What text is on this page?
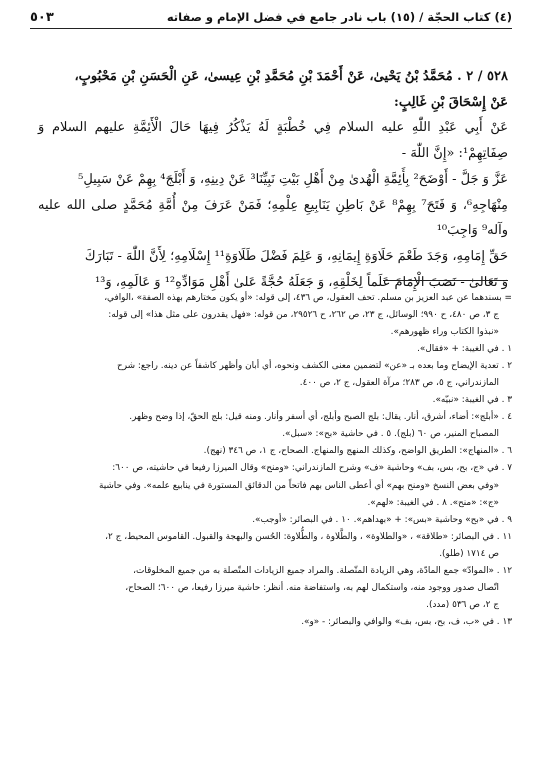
(٤) كتاب الحجّة / (١٥) باب نادر جامع في فضل الإمام و صفاته
٥٠٣

٥٢٨ / ٢ . مُحَمَّدُ بْنُ يَحْيىٰ، عَنْ أَحْمَدَ بْنِ مُحَمَّدِ بْنِ عِيسىٰ، عَنِ الْحَسَنِ بْنِ مَحْبُوبٍ،

عَنْ إِسْحَاقَ بْنِ غَالِبٍ:

عَنْ أَبِي عَبْدِ اللّٰهِ عليه السلام فِي خُطْبَةٍ لَهُ يَذْكُرُ فِيهَا حَالَ الْأَئِمَّةِ عليهم السلام وَ صِفَاتِهِمْ¹: «إِنَّ اللّٰهَ -

عَزَّ وَ جَلَّ - أَوْضَحَ² بِأَئِمَّةِ الْهُدىٰ مِنْ أَهْلِ بَيْتِ نَبِيِّنَا³ عَنْ دِينِهِ، وَ أَبْلَجَ⁴ بِهِمْ عَنْ سَبِيلِ⁵

مِنْهَاجِهِ⁶، وَ فَتَحَ⁷ بِهِمْ⁸ عَنْ بَاطِنِ يَنَابِيعِ عِلْمِهِ؛ فَمَنْ عَرَفَ مِنْ أُمَّةِ مُحَمَّدٍ صلى الله عليه وآله⁹ وَاجِبَ¹⁰

حَقِّ إِمَامِهِ، وَجَدَ طَعْمَ حَلَاوَةِ إِيمَانِهِ، وَ عَلِمَ فَضْلَ طَلَاوَةِ¹¹ إِسْلَامِهِ؛ لِأَنَّ اللّٰهَ - تَبَارَكَ

وَ تَعَالىٰ - نَصَبَ الْإِمَامَ عَلَماً لِخَلْقِهِ، وَ جَعَلَهُ حُجَّةً عَلىٰ أَهْلِ مَوَادِّهِ¹² وَ عَالَمِهِ، وَ¹³

= بسندهما عن عبد العزيز بن مسلم. تحف العقول، ص ٤٣٦، إلى قوله: «أو يكون مختارهم بهذه الصفة» ،الوافي،

ج ٣، ص ٤٨٠، ح ٩٩٠؛ الوسائل، ج ٢٣، ص ٢٦٢، ح ٢٩٥٢٦، من قوله: «فهل يقدرون على مثل هذا» إلى قوله:

«نبذوا الكتاب وراء ظهورهم».

١ . في الغيبة: + «فقال».

٢ . تعدية الإيضاح وما بعده بـ «عن» لتضمين معنى الكشف ونحوه، أي أبان وأظهر كاشفاً عن دينه. راجع: شرح

المازندراني، ج ٥، ص ٢٨٣؛ مرآة العقول، ج ٢، ص ٤٠٠.

٣ . في الغيبة: «نبيّه».

٤ . «أبلج»: أضاء، أشرق، أنار. يقال: بلج الصبح وأبلج، أي أسفر وأنار. ومنه قيل: بلج الحقّ، إذا وضح وظهر.

المصباح المنير، ص ٦٠ (بلج). ٥ . في حاشية «بح»: «سبل».

٦ . «المنهاج»: الطريق الواضح، وكذلك المنهج والمنهاج. الصحاح، ج ١، ص ٣٤٦ (نهج).

٧ . في «ج، بح، بس، بف» وحاشية «ف» وشرح المازندراني: «ومنح» وقال الميرزا رفيعا في حاشيته، ص ٦٠٠:

«وفي بعض النسخ «ومنح بهم» أي أعطى الناس بهم فاتحاً من الدقائق المستورة في ينابيع علمه». وفي حاشية

«ج»: «منح». ٨ . في الغيبة: «لهم».

٩ . في «بح» وحاشية «بس»: + «بهداهم». ١٠ . في البصائر: «أوجب».

١١ . في البصائر: «طلاقة» ، «والطلاوة» ، والطَّلاوة ، والطُّلاوة: الحُسن والبهجة والقبول. القاموس المحيط، ج ٢،

ص ١٧١٤ (طلو).

١٢ . «الموادّ» جمع المادّة، وهي الزيادة المتّصلة. والمراد جميع الزيادات المتّصلة به من جميع المخلوقات،

اتّصال صدور ووجود منه، واستكمال لهم به، واستفاضة منه. أنظر: حاشية ميرزا رفيعا، ص ٦٠٠؛ الصحاح،

ج ٢، ص ٥٣٦ (مدد).

١٣ . في «ب، ف، بح، بس، بف» والوافي والبصائر: - «و».
